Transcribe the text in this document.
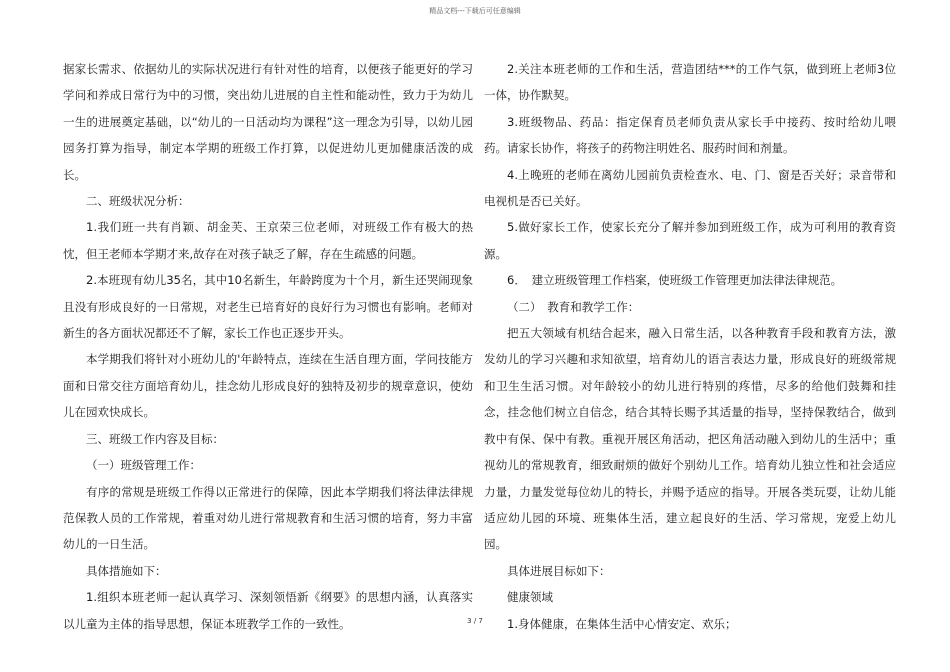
精品文档---下载后可任意编辑

据家长需求、依据幼儿的实际状况进行有针对性的培育，以便孩子能更好的学习学问和养成日常行为中的习惯，突出幼儿进展的自主性和能动性，致力于为幼儿一生的进展奠定基础，以“幼儿的一日活动均为课程”这一理念为引导，以幼儿园园务打算为指导，制定本学期的班级工作打算，以促进幼儿更加健康活泼的成长。

二、班级状况分析：

1.我们班一共有肖颖、胡金芙、王京荣三位老师，对班级工作有极大的热忱，但王老师本学期才来,故存在对孩子缺乏了解，存在生疏感的问题。

2.本班现有幼儿35名，其中10名新生，年龄跨度为十个月，新生还哭闹现象且没有形成良好的一日常规，对老生已培育好的良好行为习惯也有影响。老师对新生的各方面状况都还不了解，家长工作也正逐步开头。

本学期我们将针对小班幼儿的'年龄特点，连续在生活自理方面，学问技能方面和日常交往方面培育幼儿，挂念幼儿形成良好的独特及初步的规章意识，使幼儿在园欢快成长。

三、班级工作内容及目标：

（一）班级管理工作：

有序的常规是班级工作得以正常进行的保障，因此本学期我们将法律法律规范保教人员的工作常规，着重对幼儿进行常规教育和生活习惯的培育，努力丰富幼儿的一日生活。

具体措施如下：

1.组织本班老师一起认真学习、深刻领悟新《纲要》的思想内涵，认真落实以儿童为主体的指导思想，保证本班教学工作的一致性。

2.关注本班老师的工作和生活，营造团结***的工作气氛，做到班上老师3位一体，协作默契。

3.班级物品、药品：指定保育员老师负责从家长手中接药、按时给幼儿喂药。请家长协作，将孩子的药物注明姓名、服药时间和剂量。

4.上晚班的老师在离幼儿园前负责检查水、电、门、窗是否关好；录音带和电视机是否已关好。

5.做好家长工作，使家长充分了解并参加到班级工作，成为可利用的教育资源。

6．　建立班级管理工作档案，使班级工作管理更加法律法律规范。

（二）　教育和教学工作：

把五大领域有机结合起来，融入日常生活，以各种教育手段和教育方法，激发幼儿的学习兴趣和求知欲望，培育幼儿的语言表达力量，形成良好的班级常规和卫生生活习惯。对年龄较小的幼儿进行特别的疼惜，尽多的给他们鼓舞和挂念，挂念他们树立自信念，结合其特长赐予其适量的指导，坚持保教结合，做到教中有保、保中有教。重视开展区角活动，把区角活动融入到幼儿的生活中；重视幼儿的常规教育，细致耐烦的做好个别幼儿工作。培育幼儿独立性和社会适应力量，力量发觉每位幼儿的特长，并赐予适应的指导。开展各类玩耍，让幼儿能适应幼儿园的环境、班集体生活，建立起良好的生活、学习常规，宠爱上幼儿园。

具体进展目标如下：

健康领域

1.身体健康，在集体生活中心情安定、欢乐；

3 / 7
